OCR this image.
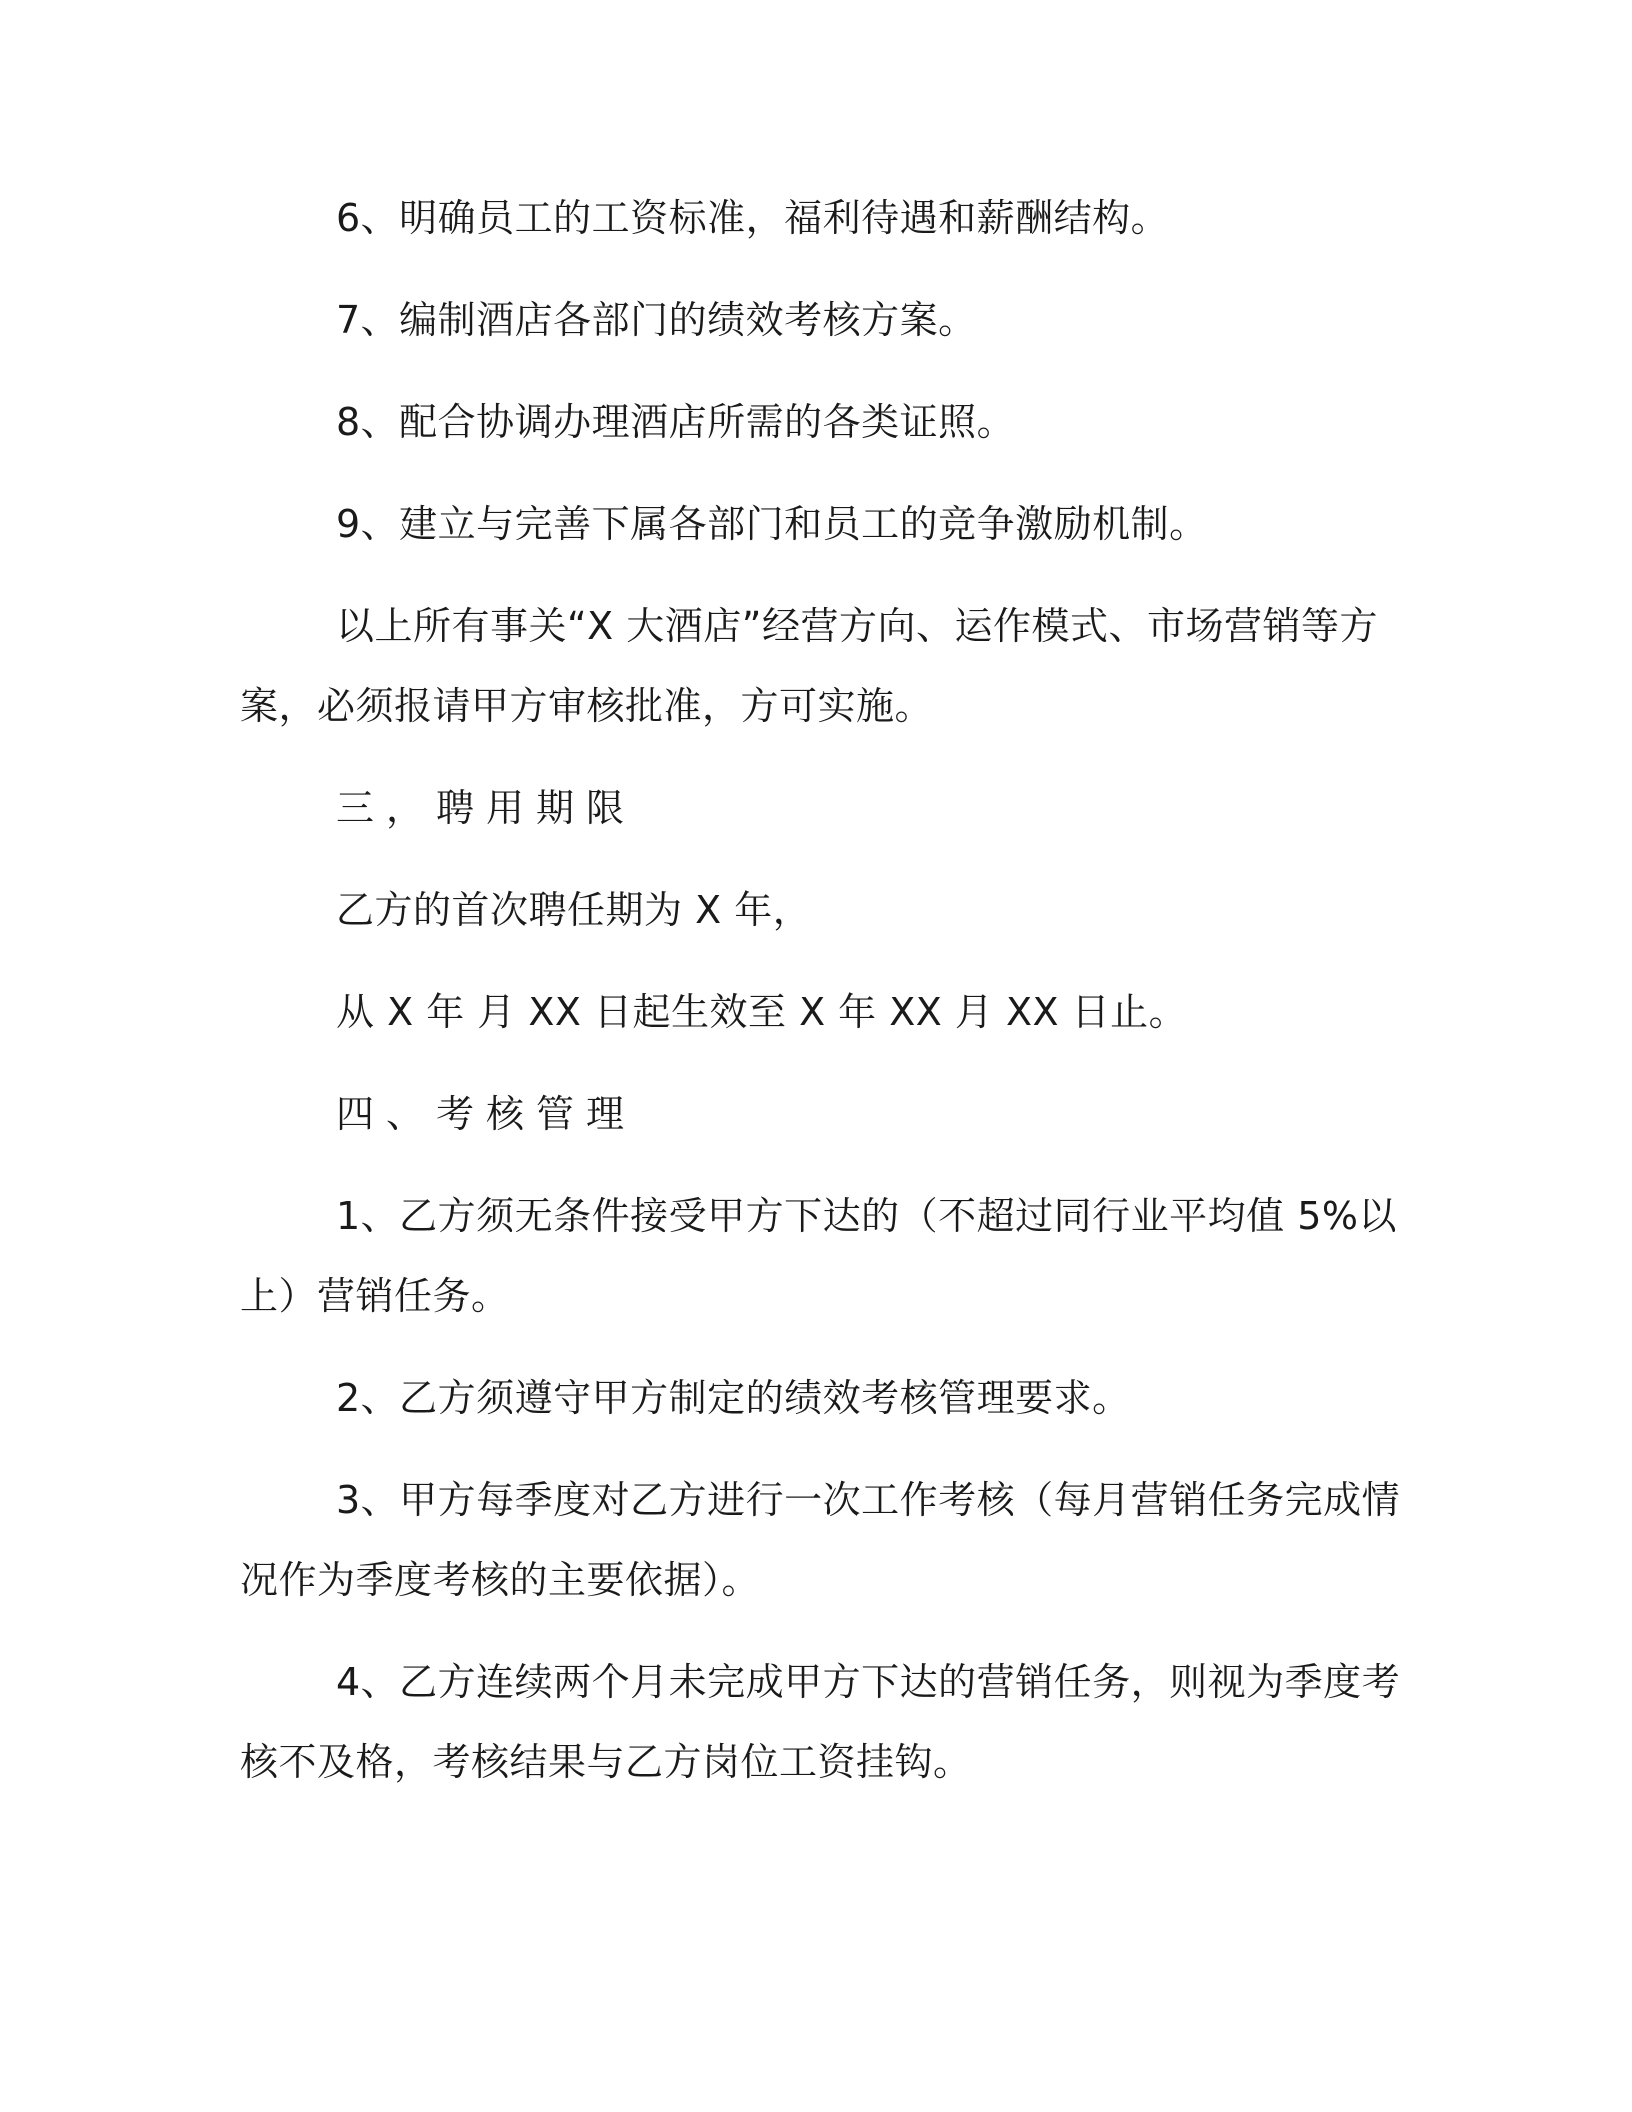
6、明确员工的工资标准，福利待遇和薪酬结构。
7、编制酒店各部门的绩效考核方案。
8、配合协调办理酒店所需的各类证照。
9、建立与完善下属各部门和员工的竞争激励机制。
以上所有事关“X 大酒店”经营方向、运作模式、市场营销等方
案，必须报请甲方审核批准，方可实施。
三，聘用期限
乙方的首次聘任期为 X 年，
从 X 年 月 XX 日起生效至 X 年 XX 月 XX 日止。
四、考核管理
1、乙方须无条件接受甲方下达的（不超过同行业平均值 5%以
上）营销任务。
2、乙方须遵守甲方制定的绩效考核管理要求。
3、甲方每季度对乙方进行一次工作考核（每月营销任务完成情
况作为季度考核的主要依据）。
4、乙方连续两个月未完成甲方下达的营销任务，则视为季度考
核不及格，考核结果与乙方岗位工资挂钩。
